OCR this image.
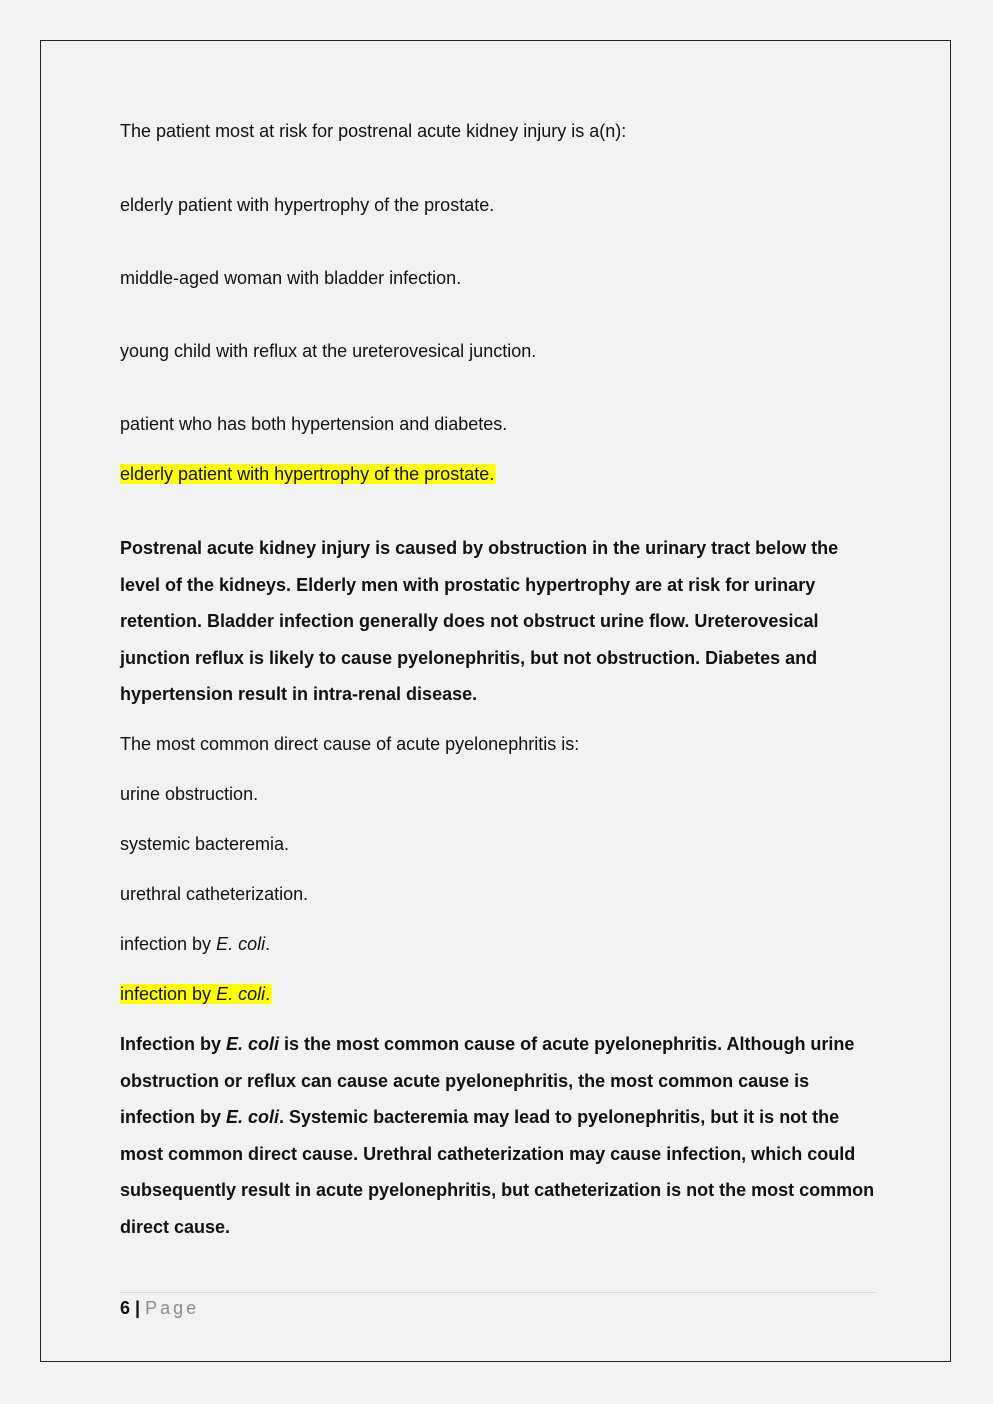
The patient most at risk for postrenal acute kidney injury is a(n):
elderly patient with hypertrophy of the prostate.
middle-aged woman with bladder infection.
young child with reflux at the ureterovesical junction.
patient who has both hypertension and diabetes.
elderly patient with hypertrophy of the prostate.
Postrenal acute kidney injury is caused by obstruction in the urinary tract below the level of the kidneys. Elderly men with prostatic hypertrophy are at risk for urinary retention. Bladder infection generally does not obstruct urine flow. Ureterovesical junction reflux is likely to cause pyelonephritis, but not obstruction. Diabetes and hypertension result in intra-renal disease.
The most common direct cause of acute pyelonephritis is:
urine obstruction.
systemic bacteremia.
urethral catheterization.
infection by E. coli.
infection by E. coli.
Infection by E. coli is the most common cause of acute pyelonephritis. Although urine obstruction or reflux can cause acute pyelonephritis, the most common cause is infection by E. coli. Systemic bacteremia may lead to pyelonephritis, but it is not the most common direct cause. Urethral catheterization may cause infection, which could subsequently result in acute pyelonephritis, but catheterization is not the most common direct cause.
6 | Page
